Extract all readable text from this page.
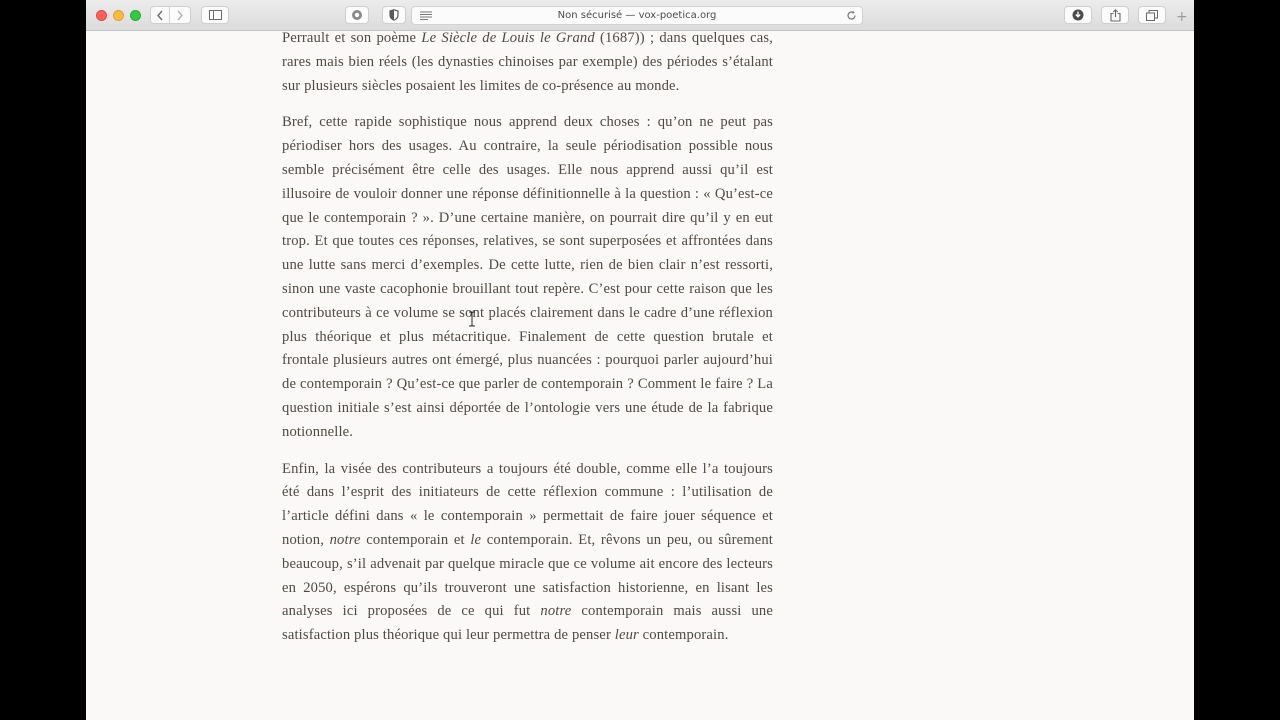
Non sécurisé — vox-poetica.org	+

Perrault et son poème Le Siècle de Louis le Grand (1687)) ; dans quelques cas, rares mais bien réels (les dynasties chinoises par exemple) des périodes s’étalant sur plusieurs siècles posaient les limites de co-présence au monde.

Bref, cette rapide sophistique nous apprend deux choses : qu’on ne peut pas périodiser hors des usages. Au contraire, la seule périodisation possible nous semble précisément être celle des usages. Elle nous apprend aussi qu’il est illusoire de vouloir donner une réponse définitionnelle à la question : « Qu’est-ce que le contemporain ? ». D’une certaine manière, on pourrait dire qu’il y en eut trop. Et que toutes ces réponses, relatives, se sont superposées et affrontées dans une lutte sans merci d’exemples. De cette lutte, rien de bien clair n’est ressorti, sinon une vaste cacophonie brouillant tout repère. C’est pour cette raison que les contributeurs à ce volume se sont placés clairement dans le cadre d’une réflexion plus théorique et plus métacritique. Finalement de cette question brutale et frontale plusieurs autres ont émergé, plus nuancées : pourquoi parler aujourd’hui de contemporain ? Qu’est-ce que parler de contemporain ? Comment le faire ? La question initiale s’est ainsi déportée de l’ontologie vers une étude de la fabrique notionnelle.

Enfin, la visée des contributeurs a toujours été double, comme elle l’a toujours été dans l’esprit des initiateurs de cette réflexion commune : l’utilisation de l’article défini dans « le contemporain » permettait de faire jouer séquence et notion, notre contemporain et le contemporain. Et, rêvons un peu, ou sûrement beaucoup, s’il advenait par quelque miracle que ce volume ait encore des lecteurs en 2050, espérons qu’ils trouveront une satisfaction historienne, en lisant les analyses ici proposées de ce qui fut notre contemporain mais aussi une satisfaction plus théorique qui leur permettra de penser leur contemporain.
